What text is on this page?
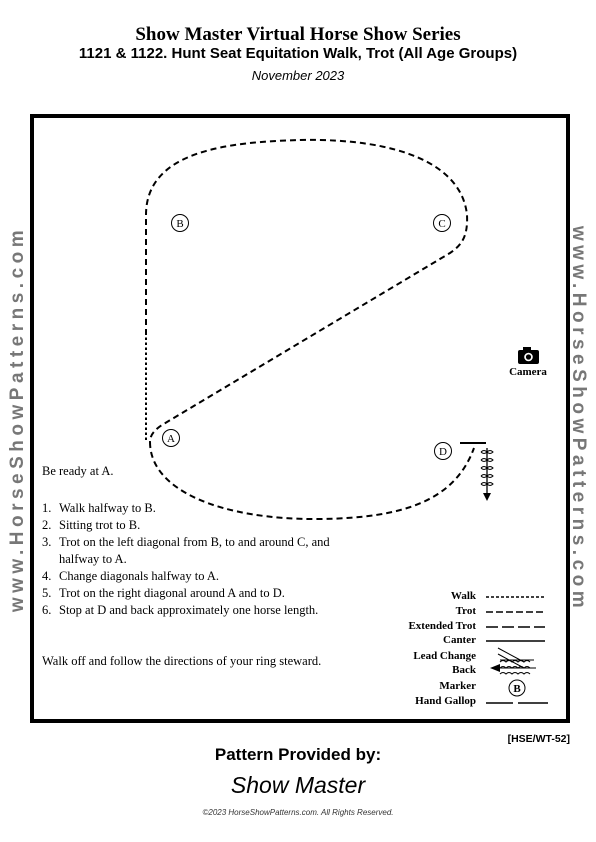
Show Master Virtual Horse Show Series
1121 & 1122. Hunt Seat Equitation Walk, Trot (All Age Groups)
November 2023
www.HorseShowPatterns.com	www.HorseShowPatterns.com
B	C
A
D
B
Camera
Be ready at A.
1. Walk halfway to B.
2. Sitting trot to B.
3. Trot on the left diagonal from B, to and around C, and halfway to A.
4. Change diagonals halfway to A.
5. Trot on the right diagonal around A and to D.
6. Stop at D and back approximately one horse length.
Walk off and follow the directions of your ring steward.
Walk
Trot
Extended Trot
Canter
Lead Change
Back
Marker
Hand Gallop
[HSE/WT-52]
Pattern Provided by:
Show Master
©2023 HorseShowPatterns.com. All Rights Reserved.
